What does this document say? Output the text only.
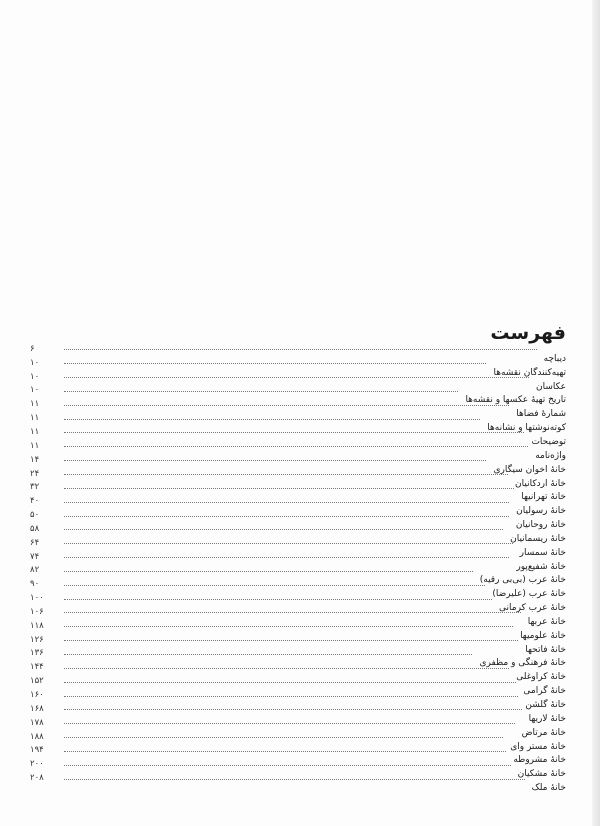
فهرست
دیباچه
۶
تهیه‌کنندگان نقشه‌ها
۱۰
عکاسان
۱۰
تاریخ تهیهٔ عکسها و نقشه‌ها
۱۰
شمارهٔ فضاها
۱۱
کوته‌نوشتها و نشانه‌ها
۱۱
توضیحات
۱۱
واژه‌نامه
۱۱
خانهٔ اخوان سیگاری
۱۴
خانهٔ اردکانیان
۲۴
خانهٔ تهرانیها
۳۲
خانهٔ رسولیان
۴۰
خانهٔ روحانیان
۵۰
خانهٔ ریسمانیان
۵۸
خانهٔ سمسار
۶۴
خانهٔ شفیع‌پور
۷۴
خانهٔ عرب (بی‌بی رقیه)
۸۲
خانهٔ عرب (علیرضا)
۹۰
خانهٔ عرب کرمانی
۱۰۰
خانهٔ عربها
۱۰۶
خانهٔ علومیها
۱۱۸
خانهٔ فاتحها
۱۲۶
خانهٔ فرهنگی و مظفری
۱۳۶
خانهٔ کراوغلی
۱۴۴
خانهٔ گرامی
۱۵۲
خانهٔ گلشن
۱۶۰
خانهٔ لاریها
۱۶۸
خانهٔ مرتاض
۱۷۸
خانهٔ مستر وای
۱۸۸
خانهٔ مشروطه
۱۹۴
خانهٔ مشکیان
۲۰۰
خانهٔ ملک
۲۰۸
